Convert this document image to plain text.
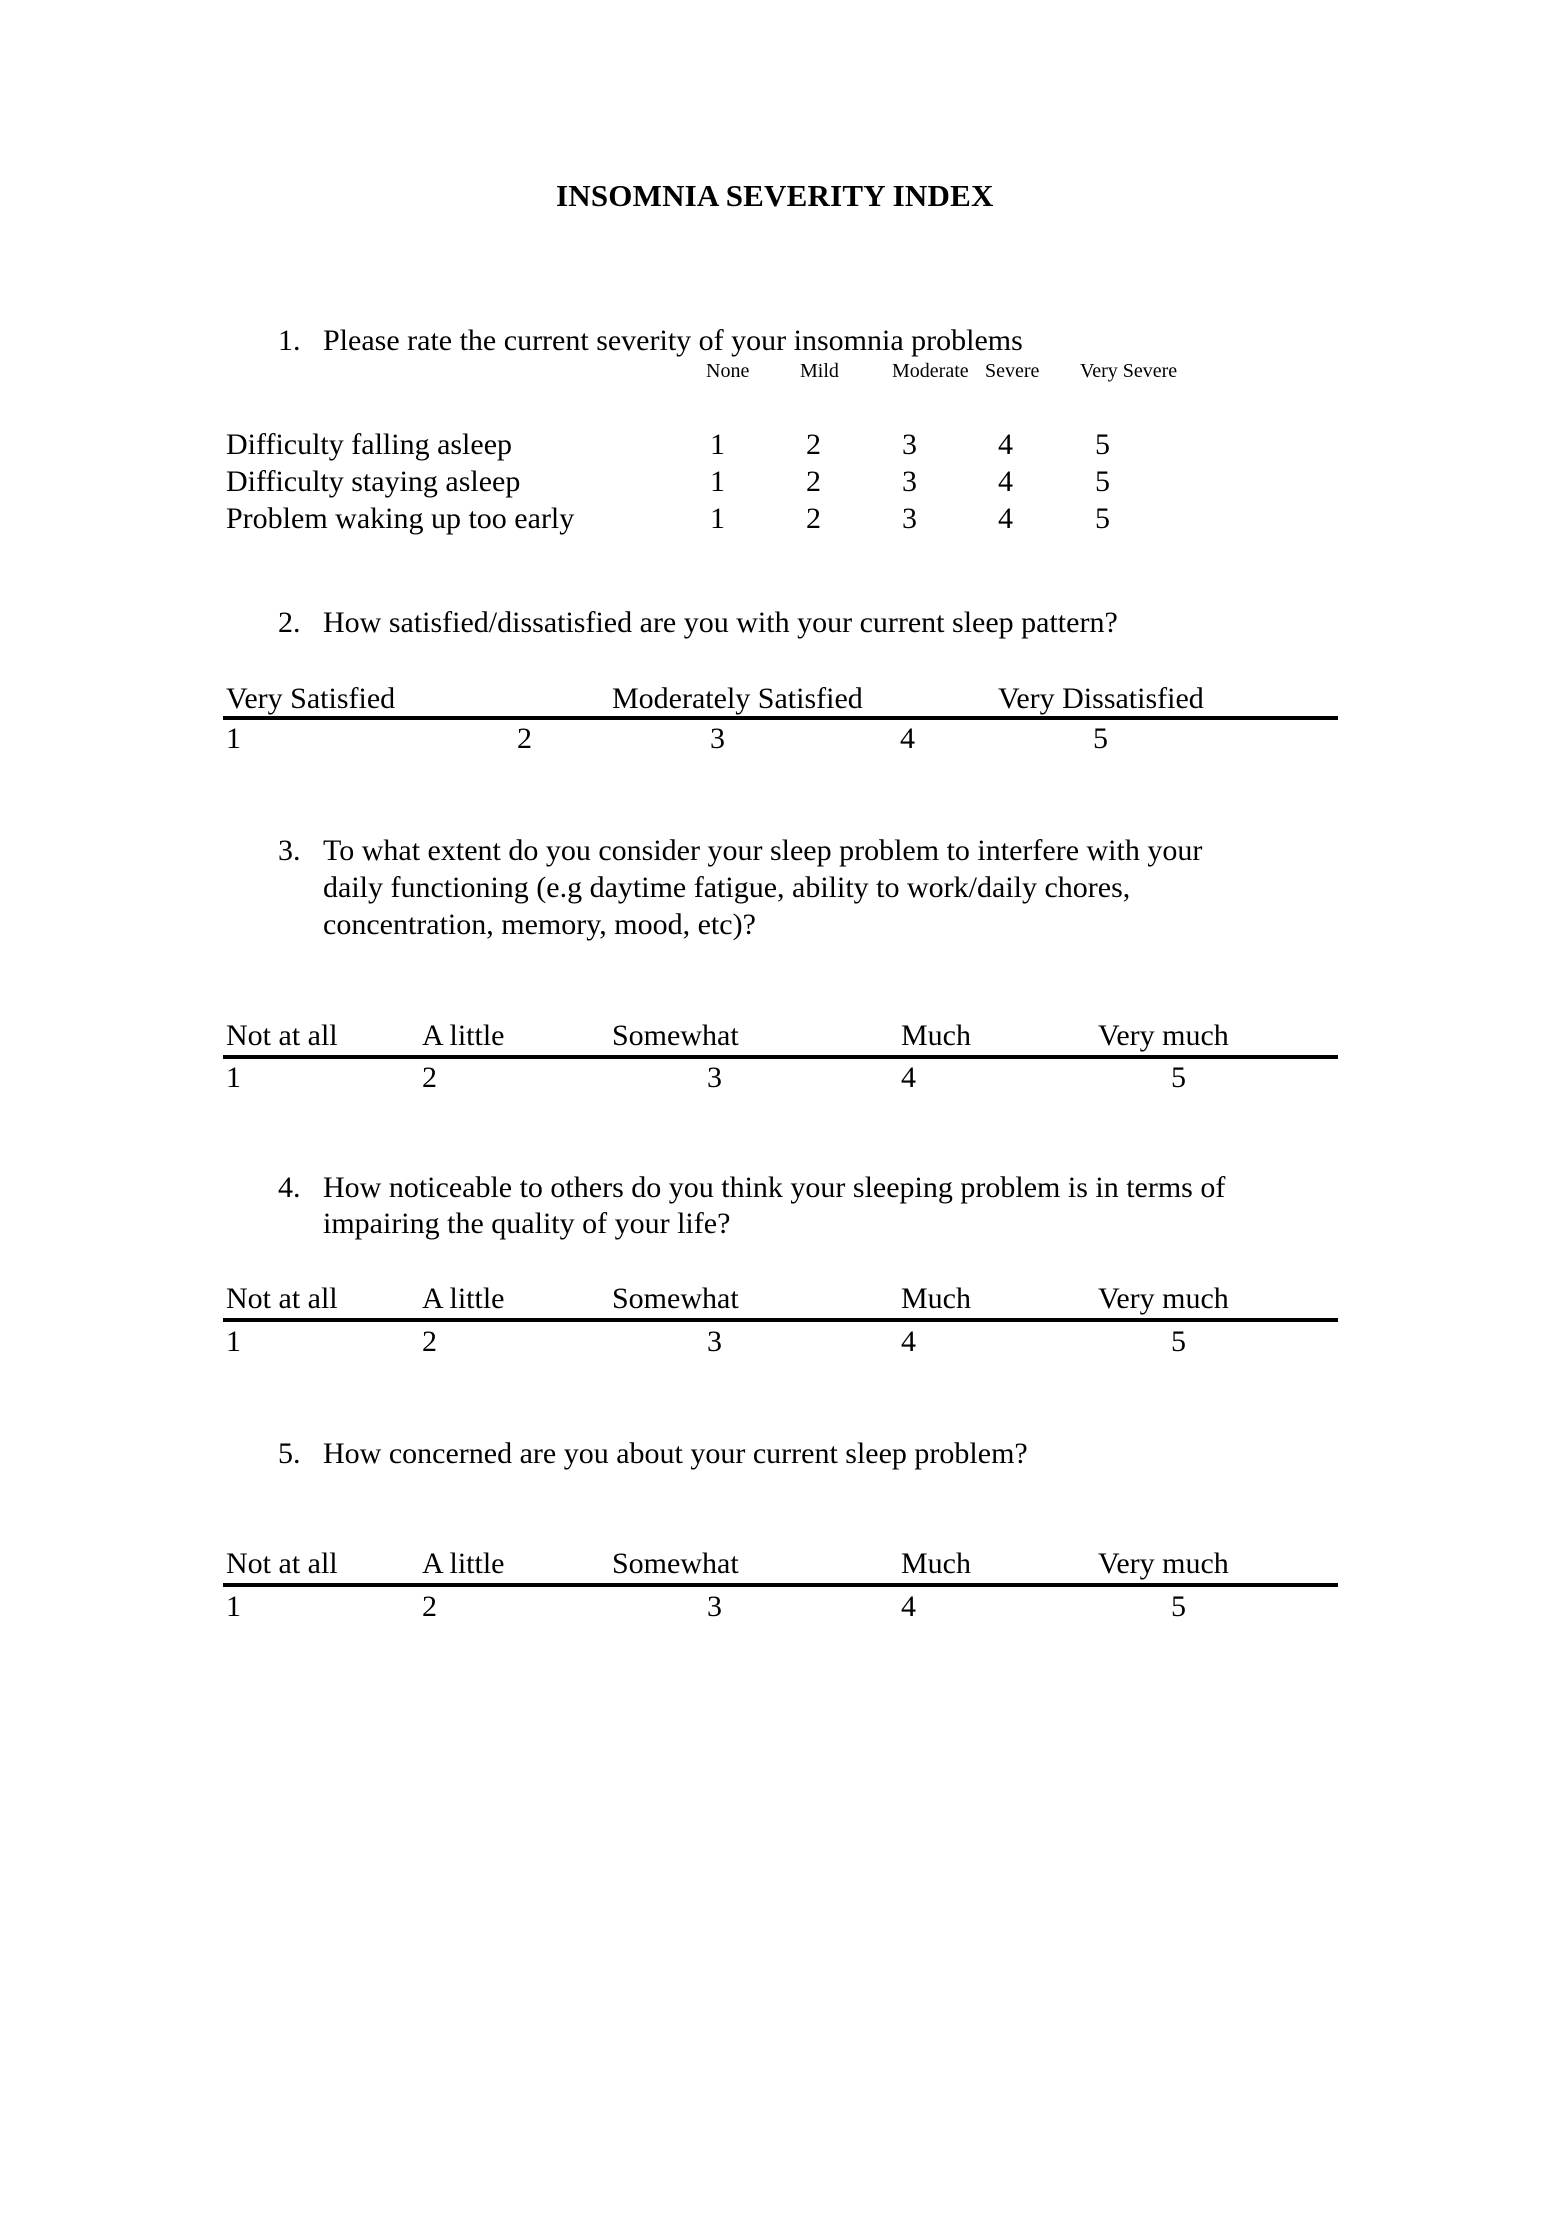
INSOMNIA SEVERITY INDEX
1. Please rate the current severity of your insomnia problems
None	Mild	Moderate Severe Very Severe
Difficulty falling asleep	1	2	3	4	5
Difficulty staying asleep	1	2	3	4	5
Problem waking up too early	1	2	3	4	5
2. How satisfied/dissatisfied are you with your current sleep pattern?
Very Satisfied	Moderately Satisfied	Very Dissatisfied
1	2	3	4	5
3. To what extent do you consider your sleep problem to interfere with your
daily functioning (e.g daytime fatigue, ability to work/daily chores,
concentration, memory, mood, etc)?
Not at all	A little	Somewhat	Much	Very much
1	2	3	4	5
4. How noticeable to others do you think your sleeping problem is in terms of
impairing the quality of your life?
Not at all	A little	Somewhat	Much	Very much
1	2	3	4	5
5. How concerned are you about your current sleep problem?
Not at all	A little	Somewhat	Much	Very much
1	2	3	4	5
